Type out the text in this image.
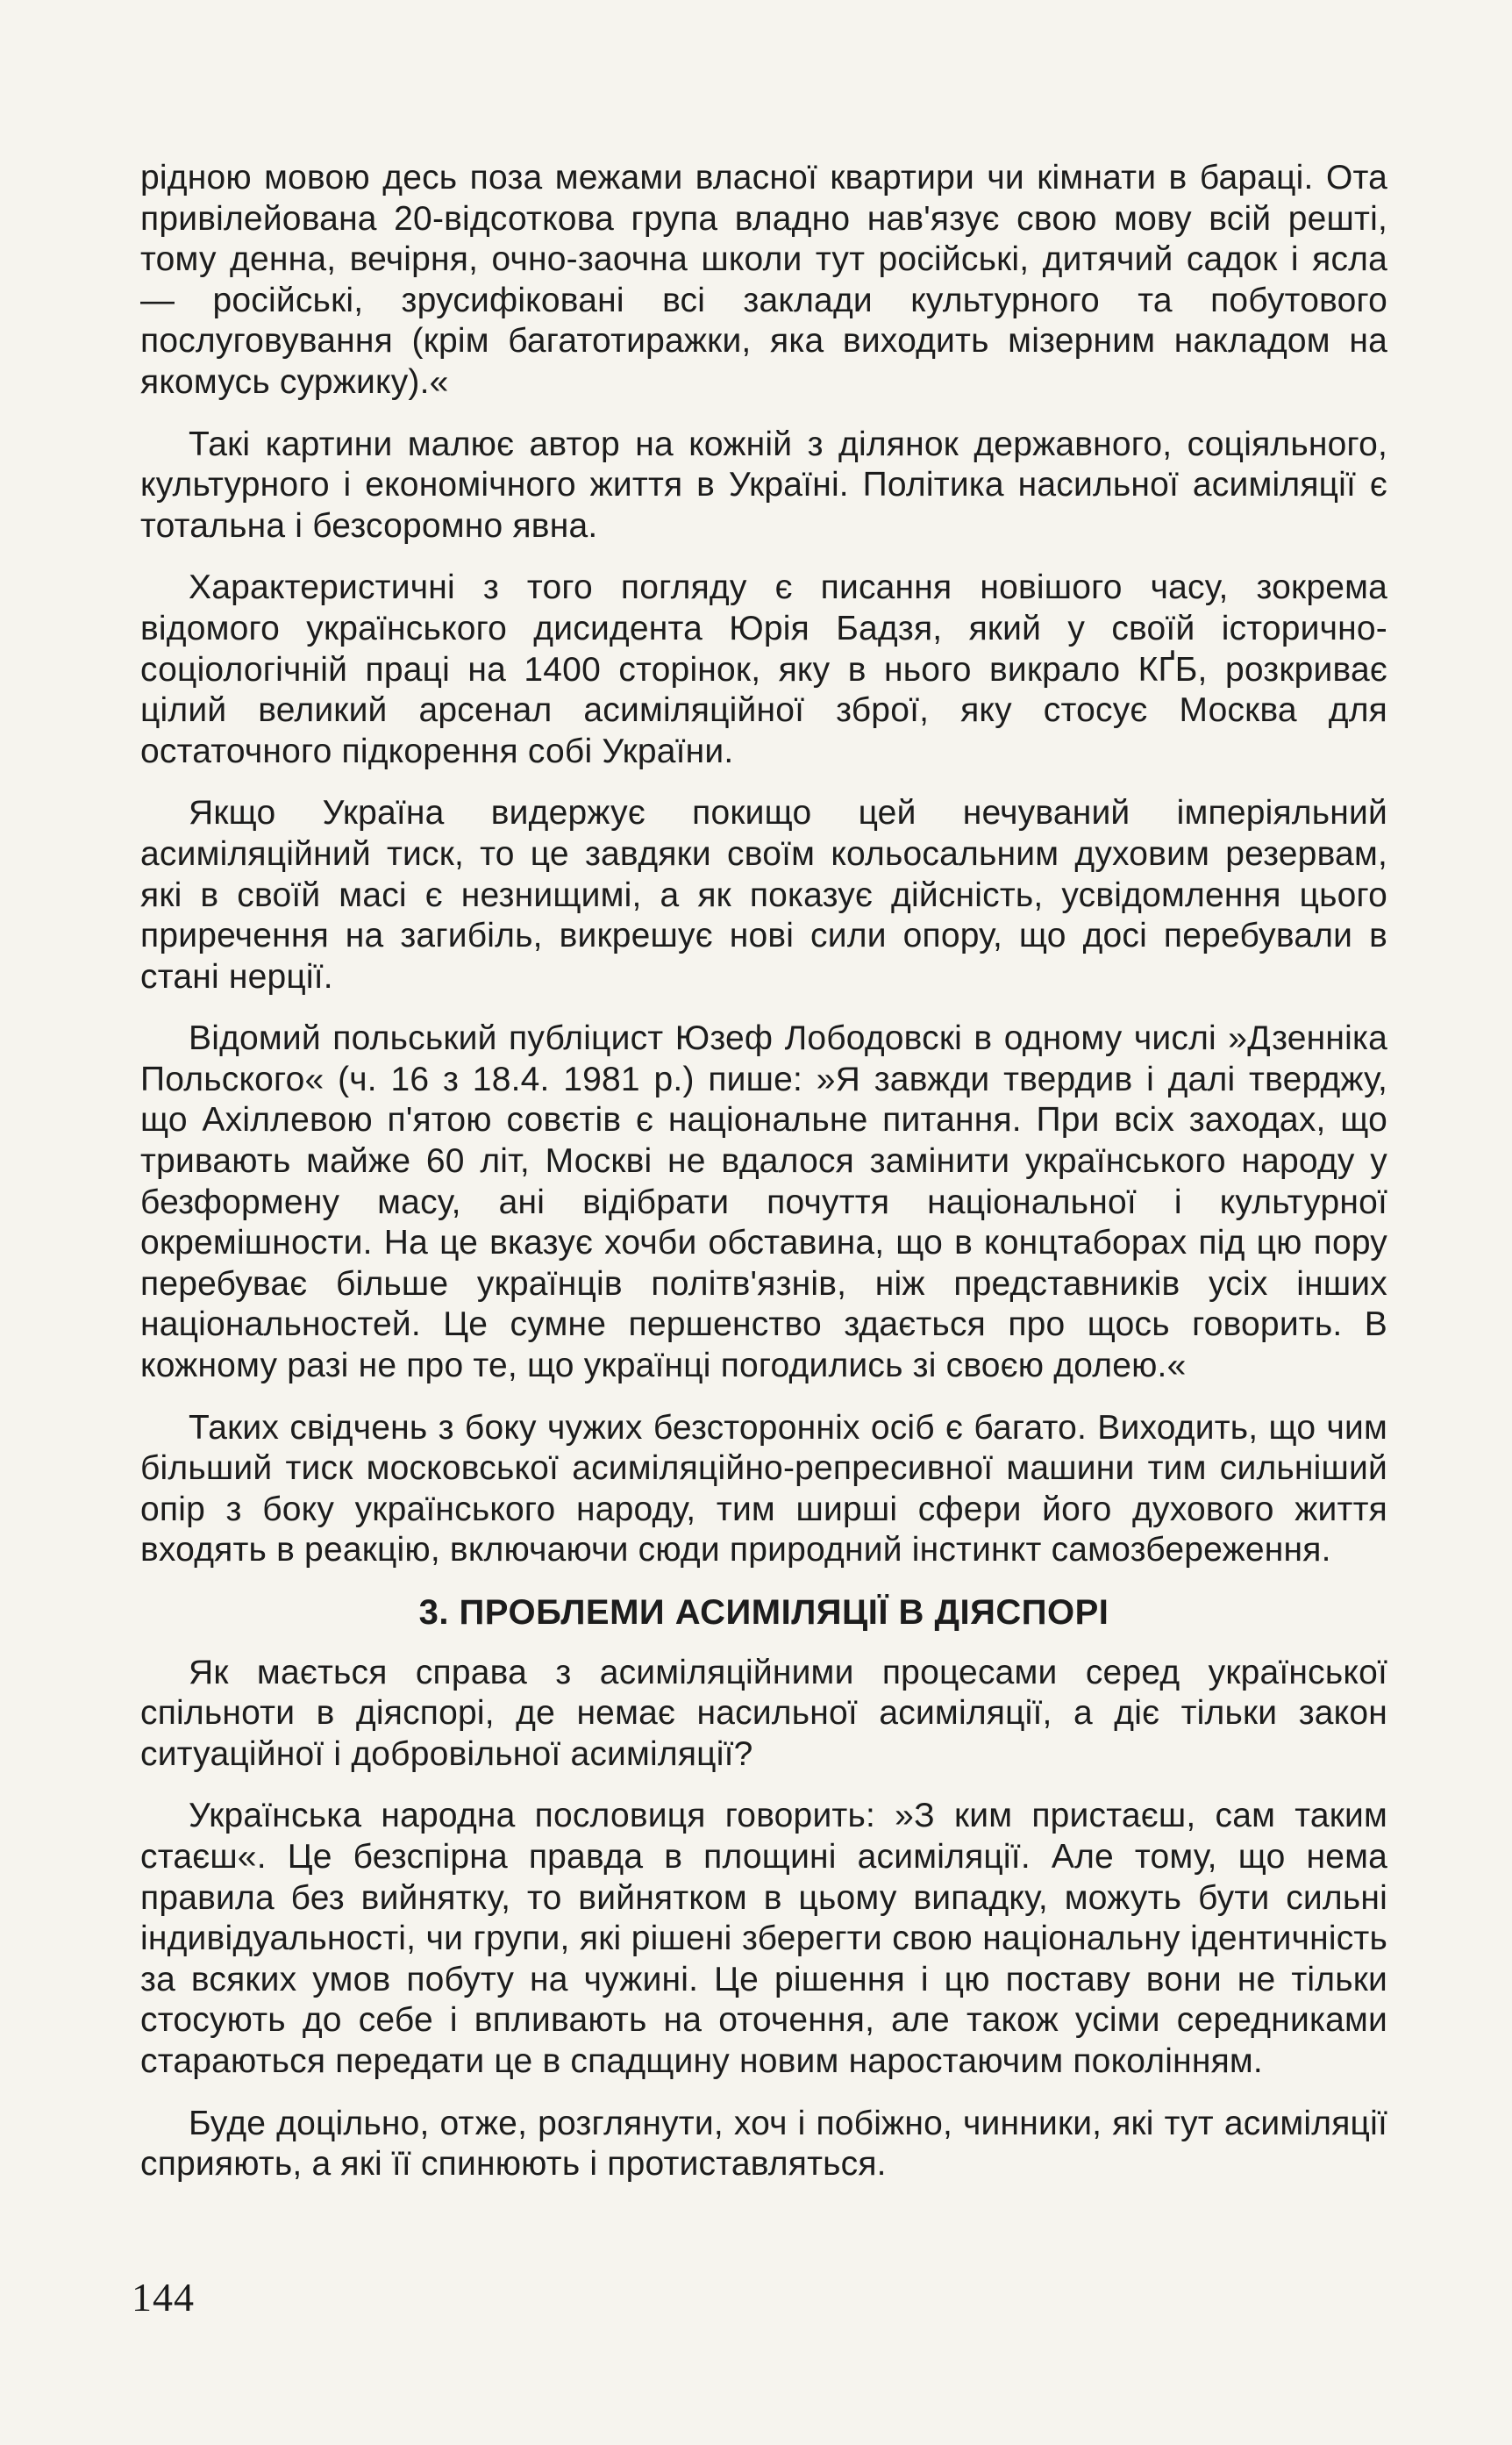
рідною мовою десь поза межами власної квартири чи кімнати в бараці. Ота привілейована 20-відсоткова група владно нав'язує свою мову всій решті, тому денна, вечірня, очно-заочна школи тут російські, дитячий садок і ясла — російські, зрусифіковані всі заклади культурного та побутового послуговування (крім багатотиражки, яка виходить мізерним накладом на якомусь суржику).«

Такі картини малює автор на кожній з ділянок державного, соціяльного, культурного і економічного життя в Україні. Політика насильної асиміляції є тотальна і безсоромно явна.

Характеристичні з того погляду є писання новішого часу, зокрема відомого українського дисидента Юрія Бадзя, який у своїй історично-соціологічній праці на 1400 сторінок, яку в нього викрало КҐБ, розкриває цілий великий арсенал асиміляційної зброї, яку стосує Москва для остаточного підкорення собі України.

Якщо Україна видержує покищо цей нечуваний імперіяльний асиміляційний тиск, то це завдяки своїм кольосальним духовим резервам, які в своїй масі є незнищимі, а як показує дійсність, усвідомлення цього приречення на загибіль, викрешує нові сили опору, що досі перебували в стані нерції.

Відомий польський публіцист Юзеф Лободовскі в одному числі »Дзенніка Польского« (ч. 16 з 18.4. 1981 р.) пише: »Я завжди твердив і далі тверджу, що Ахіллевою п'ятою совєтів є національне питання. При всіх заходах, що тривають майже 60 літ, Москві не вдалося замінити українського народу у безформену масу, ані відібрати почуття національної і культурної окремішности. На це вказує хочби обставина, що в концтаборах під цю пору перебуває більше українців політв'язнів, ніж представників усіх інших національностей. Це сумне першенство здається про щось говорить. В кожному разі не про те, що українці погодились зі своєю долею.«

Таких свідчень з боку чужих безсторонніх осіб є багато. Виходить, що чим більший тиск московської асиміляційно-репресивної машини тим сильніший опір з боку українського народу, тим ширші сфери його духового життя входять в реакцію, включаючи сюди природний інстинкт самозбереження.

3. ПРОБЛЕМИ АСИМІЛЯЦІЇ В ДІЯСПОРІ

Як мається справа з асиміляційними процесами серед української спільноти в діяспорі, де немає насильної асиміляції, а діє тільки закон ситуаційної і добровільної асиміляції?

Українська народна пословиця говорить: »З ким пристаєш, сам таким стаєш«. Це безспірна правда в площині асиміляції. Але тому, що нема правила без вийнятку, то вийнятком в цьому випадку, можуть бути сильні індивідуальності, чи групи, які рішені зберегти свою національну ідентичність за всяких умов побуту на чужині. Це рішення і цю поставу вони не тільки стосують до себе і впливають на оточення, але також усіми середниками стараються передати це в спадщину новим наростаючим поколінням.

Буде доцільно, отже, розглянути, хоч і побіжно, чинники, які тут асиміляції сприяють, а які її спинюють і протиставляться.

144
